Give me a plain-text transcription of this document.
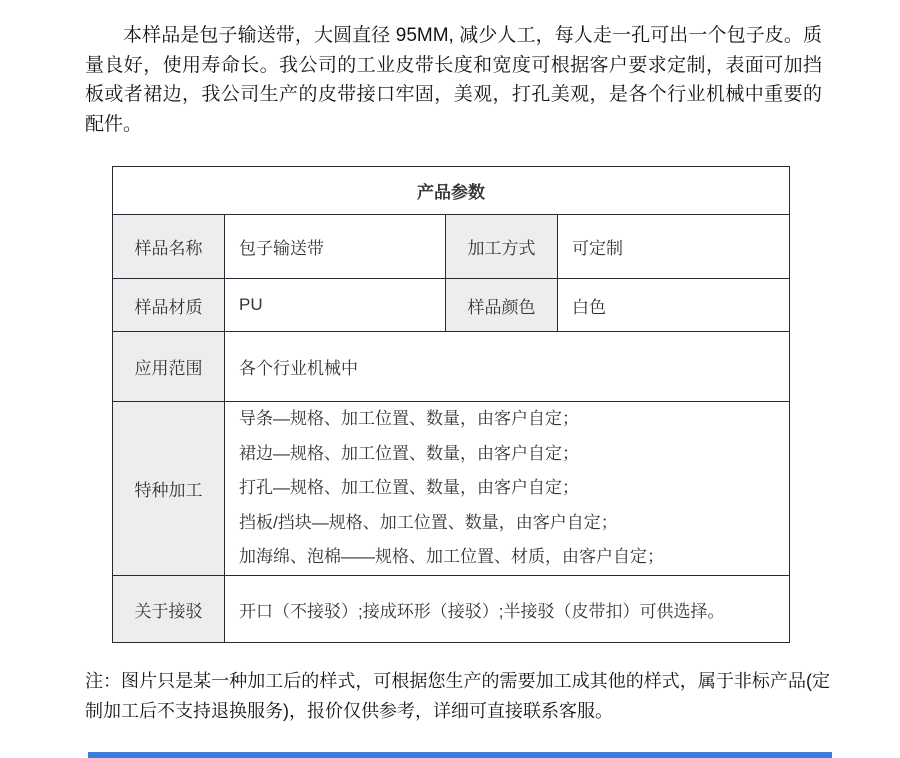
本样品是包子输送带，大圆直径 95MM, 减少人工，每人走一孔可出一个包子皮。质量良好，使用寿命长。我公司的工业皮带长度和宽度可根据客户要求定制，表面可加挡板或者裙边，我公司生产的皮带接口牢固，美观，打孔美观，是各个行业机械中重要的配件。

产品参数			
样品名称	包子输送带	加工方式	可定制
样品材质	PU	样品颜色	白色
应用范围	各个行业机械中		
特种加工	导条—规格、加工位置、数量，由客户自定；
裙边—规格、加工位置、数量，由客户自定；
打孔—规格、加工位置、数量，由客户自定；
挡板/挡块—规格、加工位置、数量，由客户自定；
加海绵、泡棉——规格、加工位置、材质，由客户自定；		

关于接驳	开口（不接驳）;接成环形（接驳）;半接驳（皮带扣）可供选择。		

注：图片只是某一种加工后的样式，可根据您生产的需要加工成其他的样式，属于非标产品(定制加工后不支持退换服务)，报价仅供参考，详细可直接联系客服。
